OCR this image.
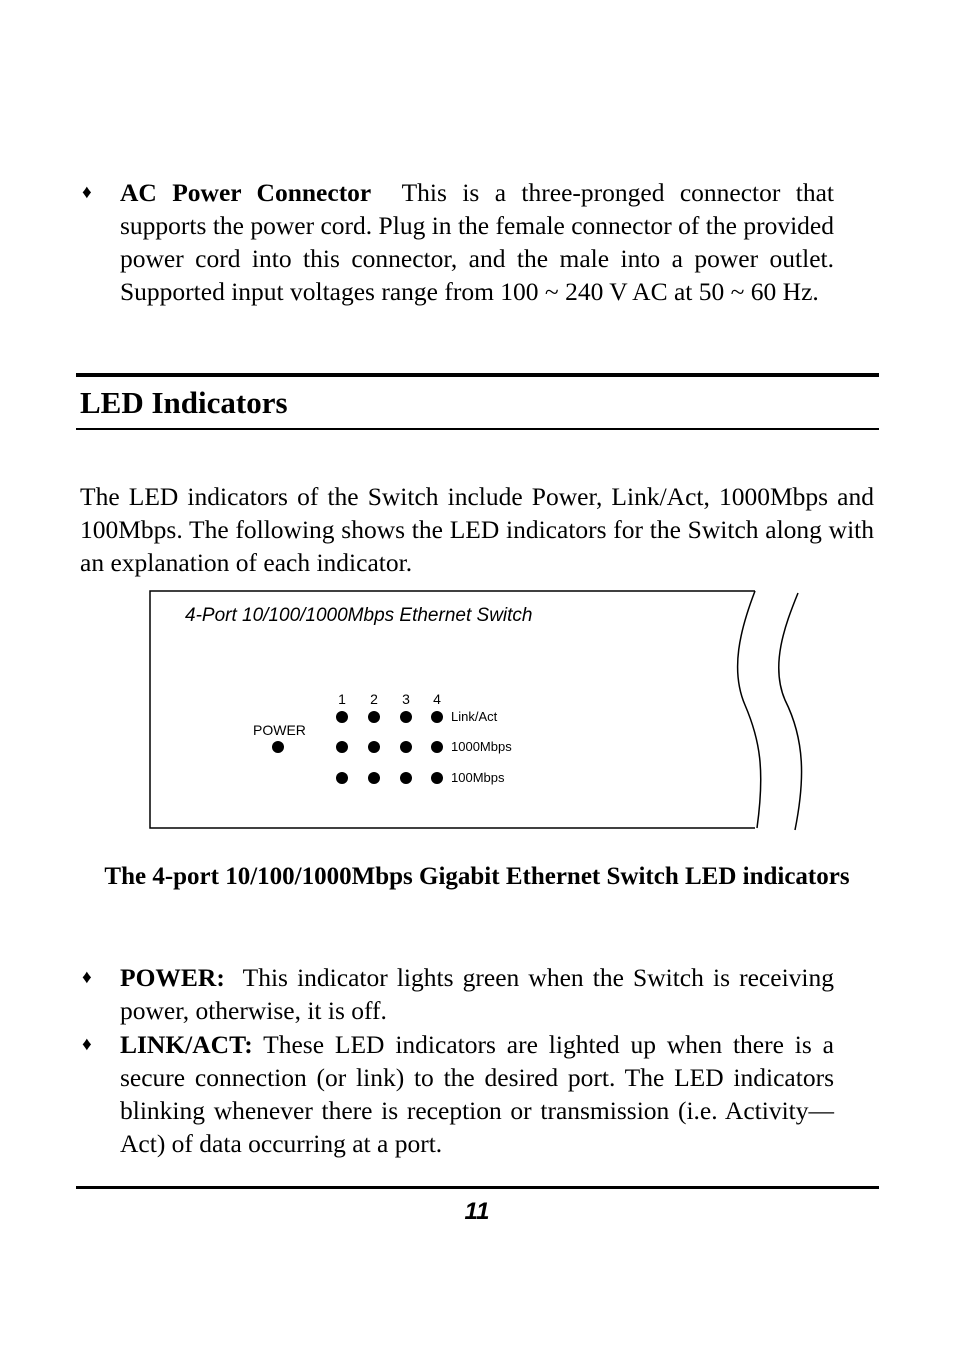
♦ AC Power Connector This is a three-pronged connector that supports the power cord. Plug in the female connector of the provided power cord into this connector, and the male into a power outlet. Supported input voltages range from 100 ~ 240 V AC at 50 ~ 60 Hz.
LED Indicators
The LED indicators of the Switch include Power, Link/Act, 1000Mbps and 100Mbps. The following shows the LED indicators for the Switch along with an explanation of each indicator.
4-Port 10/100/1000Mbps Ethernet Switch
POWER
1 2 3 4
Link/Act
1000Mbps
100Mbps
The 4-port 10/100/1000Mbps Gigabit Ethernet Switch LED indicators
♦ POWER: This indicator lights green when the Switch is receiving power, otherwise, it is off.
♦ LINK/ACT: These LED indicators are lighted up when there is a secure connection (or link) to the desired port. The LED indicators blinking whenever there is reception or transmission (i.e. Activity—Act) of data occurring at a port.
11
